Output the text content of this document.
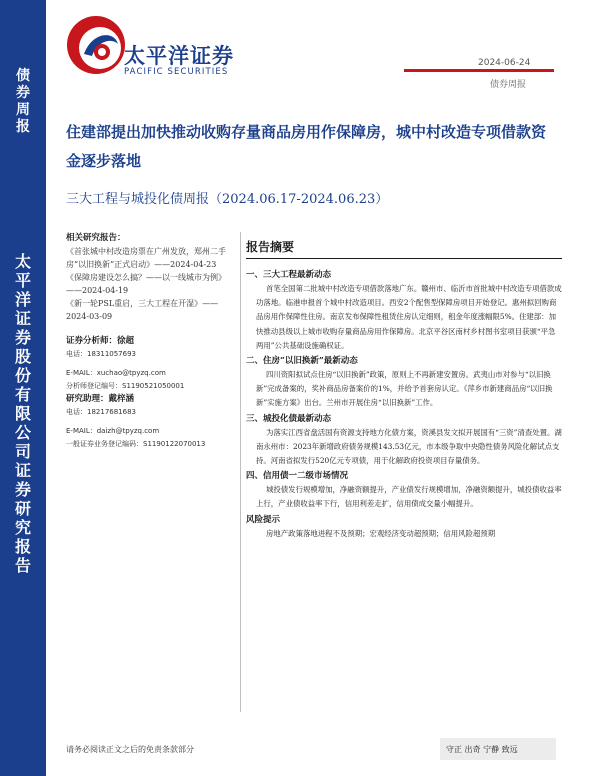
债
券
周
报
太
平
洋
证
券
股
份
有
限
公
司
证
券
研
究
报
告
太平洋证券
PACIFIC SECURITIES
2024-06-24
债券周报
住建部提出加快推动收购存量商品房用作保障房，城中村改造专项借款资金逐步落地
三大工程与城投化债周报（2024.06.17-2024.06.23）

相关研究报告：

《首张城中村改造房票在广州发放，郑州二手房“以旧换新”正式启动》——2024-04-23

《保障房建设怎么搞？——以一线城市为例》——2024-04-19

《新一轮PSL重启，三大工程在开湿》——2024-03-09

证券分析师：徐超

电话：18311057693

E-MAIL：xuchao@tpyzq.com

分析师登记编号：S1190521050001

研究助理：戴梓涵

电话：18217681683

E-MAIL：daizh@tpyzq.com

一般证券业务登记编码：S1190122070013

报告摘要

一、三大工程最新动态

首笔全国第二批城中村改造专项借款落地广东。赣州市、临沂市首批城中村改造专项借款成功落地。临港申报首个城中村改造项目。西安2个配售型保障房项目开始登记。惠州拟回购商品房用作保障性住房。南京发布保障性租赁住房认定细则，租金年度涨幅限5%。住建部：加快推动县级以上城市收购存量商品房用作保障房。北京平谷区南村乡村图书室项目获颁“平急两用”公共基础设施确权证。

二、住房“以旧换新”最新动态

四川资阳拟试点住房“以旧换新”政策，原则上不再新建安置房。武夷山市对参与“以旧换新”完成备案的，奖补商品房备案价的1%，并给予首套房认定。《萍乡市新建商品房“以旧换新”实施方案》出台。兰州市开展住房“以旧换新”工作。

三、城投化债最新动态

为落实江西省盘活国有资源支持地方化债方案，资溪县发文拟开展国有“三资”清查处置。湖南永州市：2023年新增政府债务规模143.53亿元，市本级争取中央隐性债务风险化解试点支持。河南省拟发行520亿元专项债，用于化解政府投资项目存量债务。

四、信用债一二级市场情况

城投债发行规模增加，净融资额提升，产业债发行规模增加，净融资额提升，城投债收益率上行，产业债收益率下行，信用利差走扩，信用债成交量小幅提升。

风险提示

房地产政策落地进程不及预期；宏观经济变动超预期；信用风险超预期

请务必阅读正文之后的免责条款部分	守正 出奇 宁静 致远
